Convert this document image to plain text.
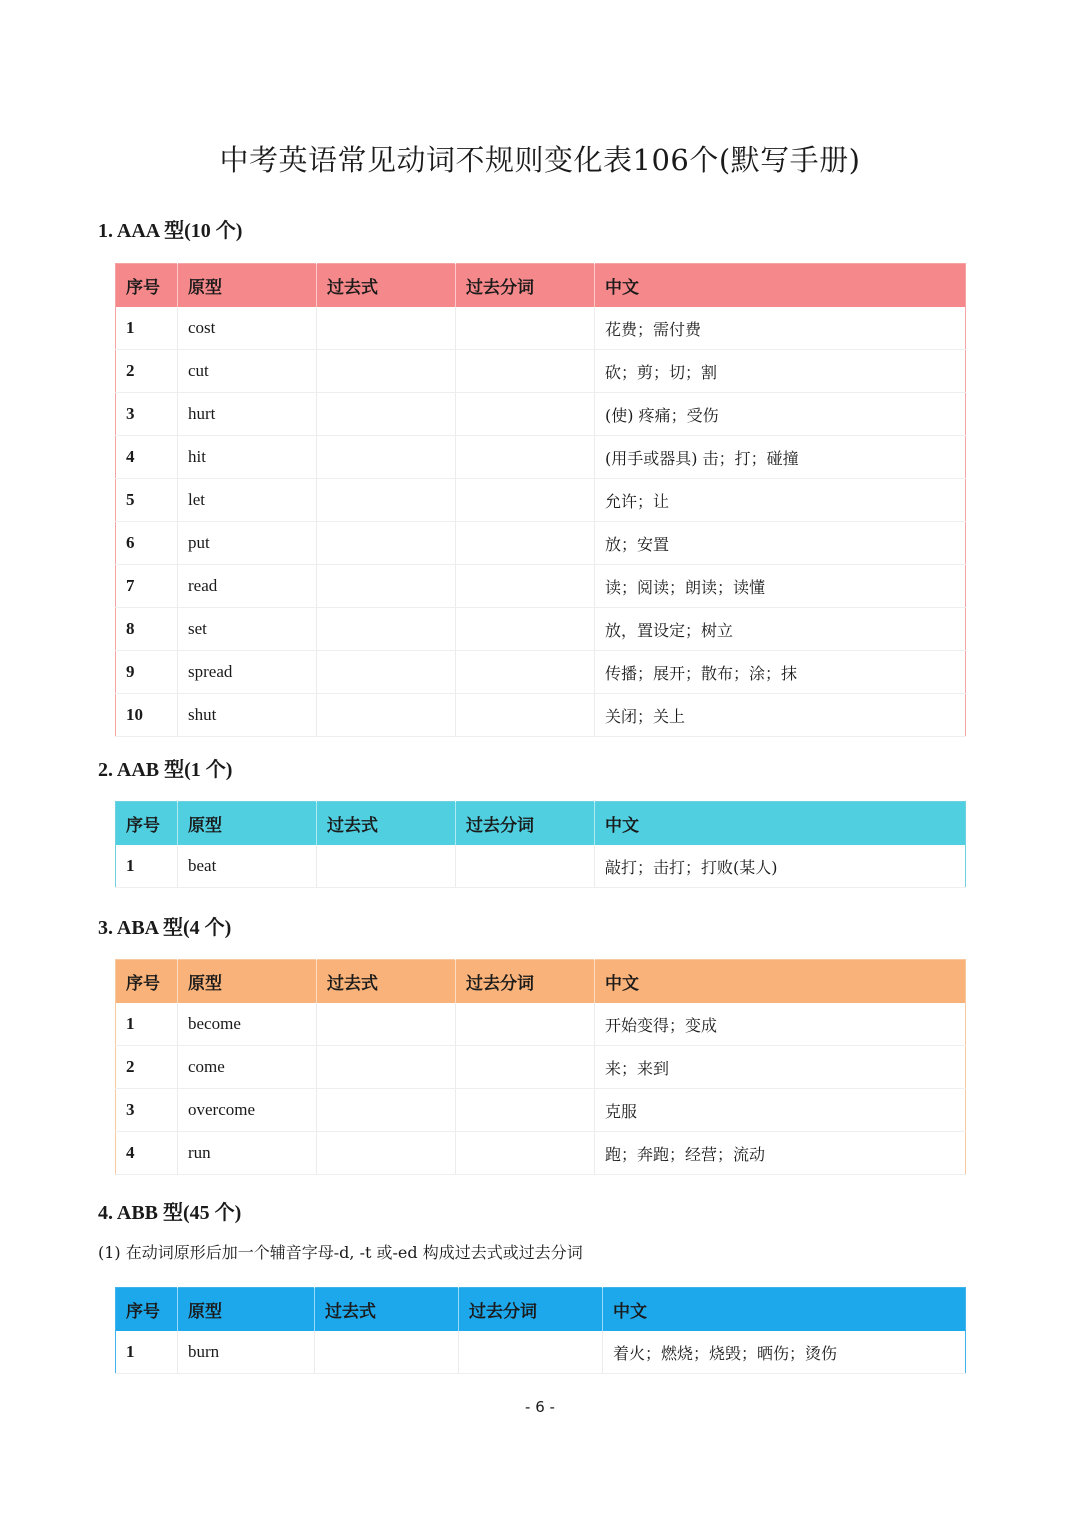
中考英语常见动词不规则变化表106个(默写手册)
1. AAA 型(10 个)
序号	原型	过去式	过去分词	中文
1	cost			花费；需付费
2	cut			砍；剪；切；割
3	hurt			(使) 疼痛；受伤
4	hit			(用手或器具) 击；打；碰撞
5	let			允许；让
6	put			放；安置
7	read			读；阅读；朗读；读懂
8	set			放，置设定；树立
9	spread			传播；展开；散布；涂；抹
10	shut			关闭；关上
2. AAB 型(1 个)
序号	原型	过去式	过去分词	中文
1	beat			敲打；击打；打败(某人)
3. ABA 型(4 个)
序号	原型	过去式	过去分词	中文
1	become			开始变得；变成
2	come			来；来到
3	overcome			克服
4	run			跑；奔跑；经营；流动
4. ABB 型(45 个)
(1) 在动词原形后加一个辅音字母-d, -t 或-ed 构成过去式或过去分词
序号	原型	过去式	过去分词	中文
1	burn			着火；燃烧；烧毁；晒伤；烫伤
- 6 -
